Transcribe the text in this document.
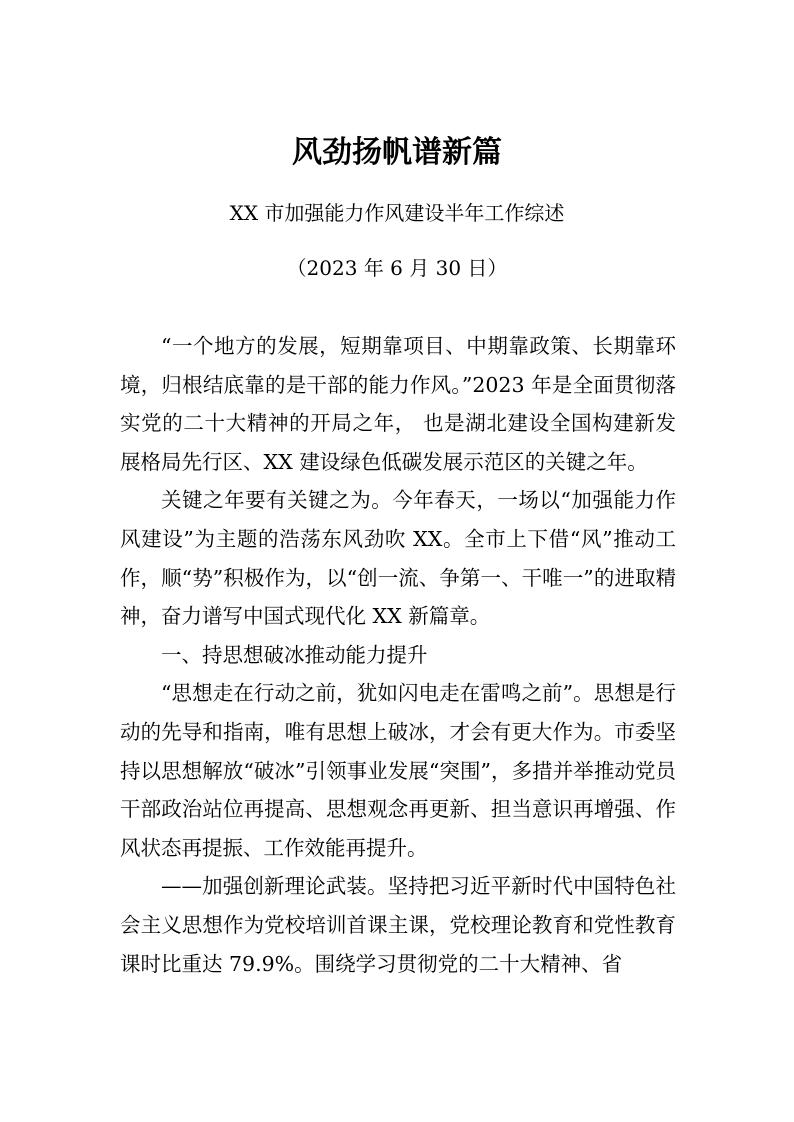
风劲扬帆谱新篇
XX 市加强能力作风建设半年工作综述
（2023 年 6 月 30 日）

“一个地方的发展，短期靠项目、中期靠政策、长期靠环境，归根结底靠的是干部的能力作风。”2023 年是全面贯彻落实党的二十大精神的开局之年， 也是湖北建设全国构建新发展格局先行区、XX 建设绿色低碳发展示范区的关键之年。

关键之年要有关键之为。今年春天，一场以“加强能力作风建设”为主题的浩荡东风劲吹 XX。全市上下借“风”推动工作，顺“势”积极作为，以“创一流、争第一、干唯一”的进取精神，奋力谱写中国式现代化 XX 新篇章。

一、持思想破冰推动能力提升

“思想走在行动之前，犹如闪电走在雷鸣之前”。思想是行动的先导和指南，唯有思想上破冰，才会有更大作为。市委坚持以思想解放“破冰”引领事业发展“突围”，多措并举推动党员干部政治站位再提高、思想观念再更新、担当意识再增强、作风状态再提振、工作效能再提升。

——加强创新理论武装。坚持把习近平新时代中国特色社会主义思想作为党校培训首课主课，党校理论教育和党性教育课时比重达 79.9%。围绕学习贯彻党的二十大精神、省
